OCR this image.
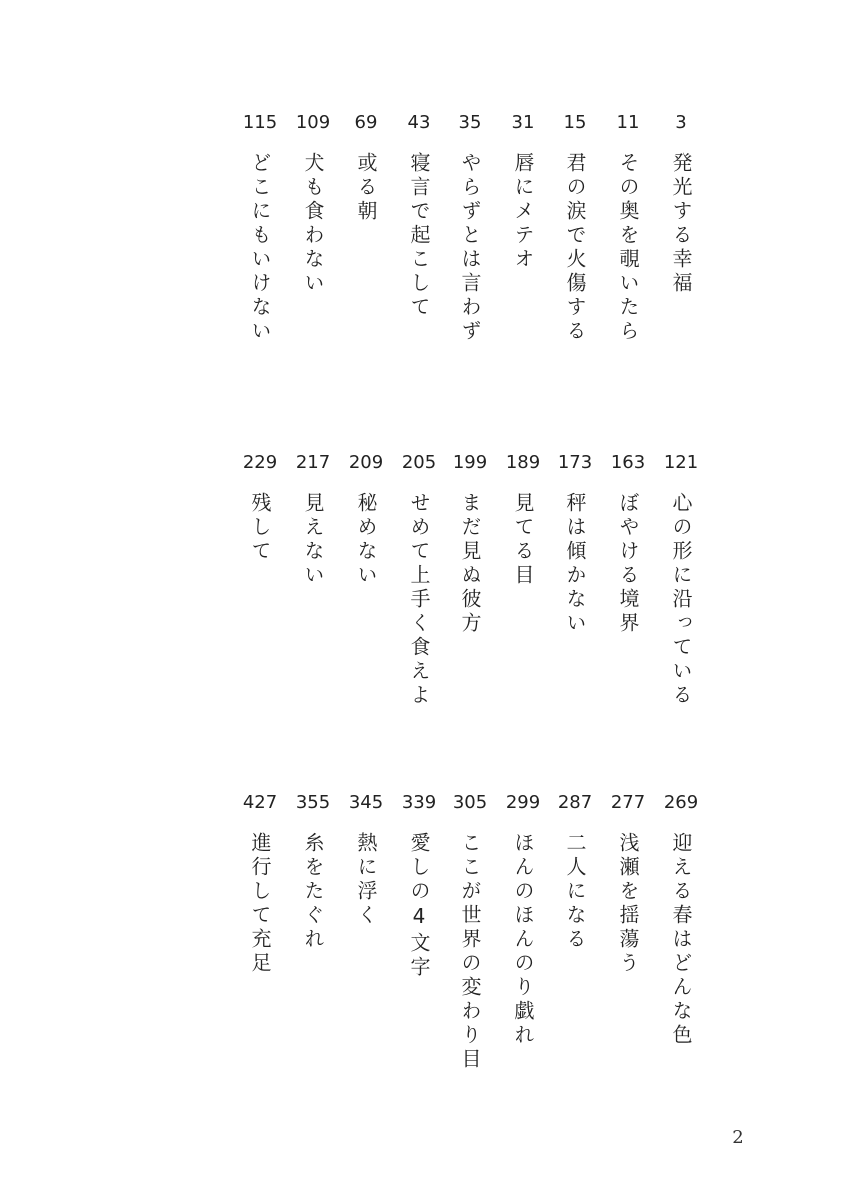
3
発光する幸福
11
その奥を覗いたら
15
君の涙で火傷する
31
唇にメテオ
35
やらずとは言わず
43
寝言で起こして
69
或る朝
109
犬も食わない
115
どこにもいけない
121
心の形に沿っている
163
ぼやける境界
173
秤は傾かない
189
見てる目
199
まだ見ぬ彼方
205
せめて上手く食えよ
209
秘めない
217
見えない
229
残して
269
迎える春はどんな色
277
浅瀬を揺蕩う
287
二人になる
299
ほんのほんのり戯れ
305
ここが世界の変わり目
339
愛しの4文字
345
熱に浮く
355
糸をたぐれ
427
進行して充足
2
